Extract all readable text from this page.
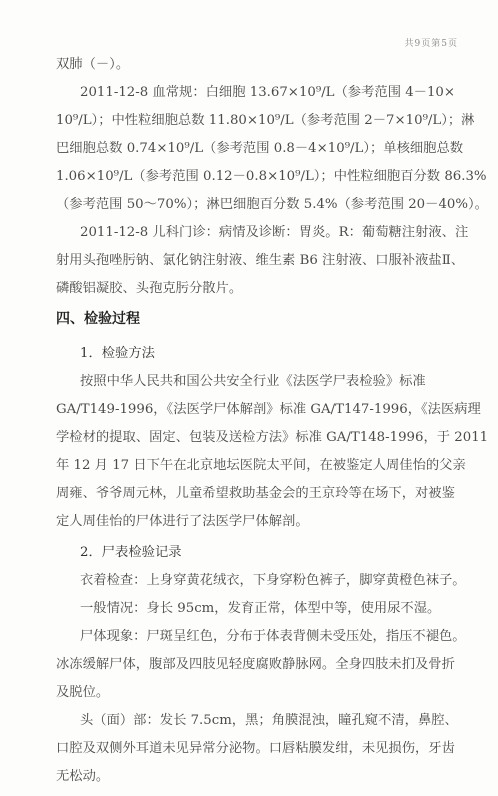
共9页第5页
双肺（－）。
2011-12-8 血常规：白细胞 13.67×10⁹/L（参考范围 4－10×
10⁹/L）；中性粒细胞总数 11.80×10⁹/L（参考范围 2－7×10⁹/L）；淋
巴细胞总数 0.74×10⁹/L（参考范围 0.8－4×10⁹/L）；单核细胞总数
1.06×10⁹/L（参考范围 0.12－0.8×10⁹/L）；中性粒细胞百分数 86.3%
（参考范围 50～70%）；淋巴细胞百分数 5.4%（参考范围 20－40%）。
2011-12-8 儿科门诊：病情及诊断：胃炎。R：葡萄糖注射液、注
射用头孢唑肟钠、氯化钠注射液、维生素 B6 注射液、口服补液盐Ⅱ、
磷酸铝凝胶、头孢克肟分散片。
四、检验过程
1．检验方法
按照中华人民共和国公共安全行业《法医学尸表检验》标准
GA/T149-1996，《法医学尸体解剖》标准 GA/T147-1996，《法医病理
学检材的提取、固定、包装及送检方法》标准 GA/T148-1996，于 2011
年 12 月 17 日下午在北京地坛医院太平间，在被鉴定人周佳怡的父亲
周雍、爷爷周元林，儿童希望救助基金会的王京玲等在场下，对被鉴
定人周佳怡的尸体进行了法医学尸体解剖。
2．尸表检验记录
衣着检查：上身穿黄花绒衣，下身穿粉色裤子，脚穿黄橙色袜子。
一般情况：身长 95cm，发育正常，体型中等，使用尿不湿。
尸体现象：尸斑呈红色，分布于体表背侧未受压处，指压不褪色。
冰冻缓解尸体，腹部及四肢见轻度腐败静脉网。全身四肢未扪及骨折
及脱位。
头（面）部：发长 7.5cm，黑；角膜混浊，瞳孔窥不清，鼻腔、
口腔及双侧外耳道未见异常分泌物。口唇粘膜发绀，未见损伤，牙齿
无松动。
